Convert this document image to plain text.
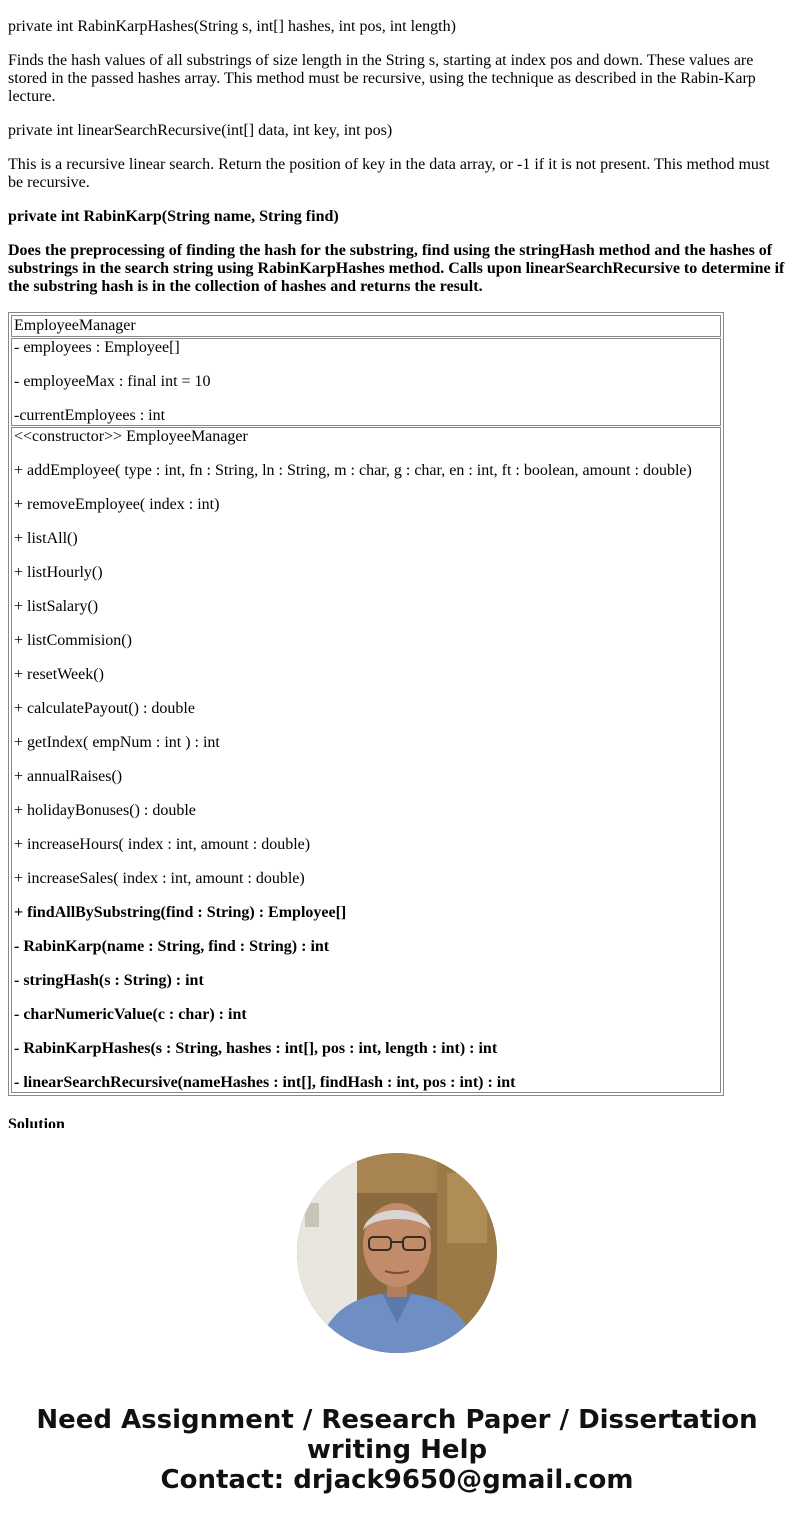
private int RabinKarpHashes(String s, int[] hashes, int pos, int length)

Finds the hash values of all substrings of size length in the String s, starting at index pos and down. These values are stored in the passed hashes array. This method must be recursive, using the technique as described in the Rabin-Karp lecture.

private int linearSearchRecursive(int[] data, int key, int pos)

This is a recursive linear search. Return the position of key in the data array, or -1 if it is not present. This method must be recursive.

private int RabinKarp(String name, String find)

Does the preprocessing of finding the hash for the substring, find using the stringHash method and the hashes of substrings in the search string using RabinKarpHashes method. Calls upon linearSearchRecursive to determine if the substring hash is in the collection of hashes and returns the result.

EmployeeManager
- employees : Employee[]
- employeeMax : final int = 10
-currentEmployees : int
<<constructor>> EmployeeManager
+ addEmployee( type : int, fn : String, ln : String, m : char, g : char, en : int, ft : boolean, amount : double)
+ removeEmployee( index : int)
+ listAll()
+ listHourly()
+ listSalary()
+ listCommision()
+ resetWeek()
+ calculatePayout() : double
+ getIndex( empNum : int ) : int
+ annualRaises()
+ holidayBonuses() : double
+ increaseHours( index : int, amount : double)
+ increaseSales( index : int, amount : double)
+ findAllBySubstring(find : String) : Employee[]
- RabinKarp(name : String, find : String) : int
- stringHash(s : String) : int
- charNumericValue(c : char) : int
- RabinKarpHashes(s : String, hashes : int[], pos : int, length : int) : int
- linearSearchRecursive(nameHashes : int[], findHash : int, pos : int) : int
Solution
Need Assignment / Research Paper / Dissertation
writing Help
Contact: drjack9650@gmail.com
